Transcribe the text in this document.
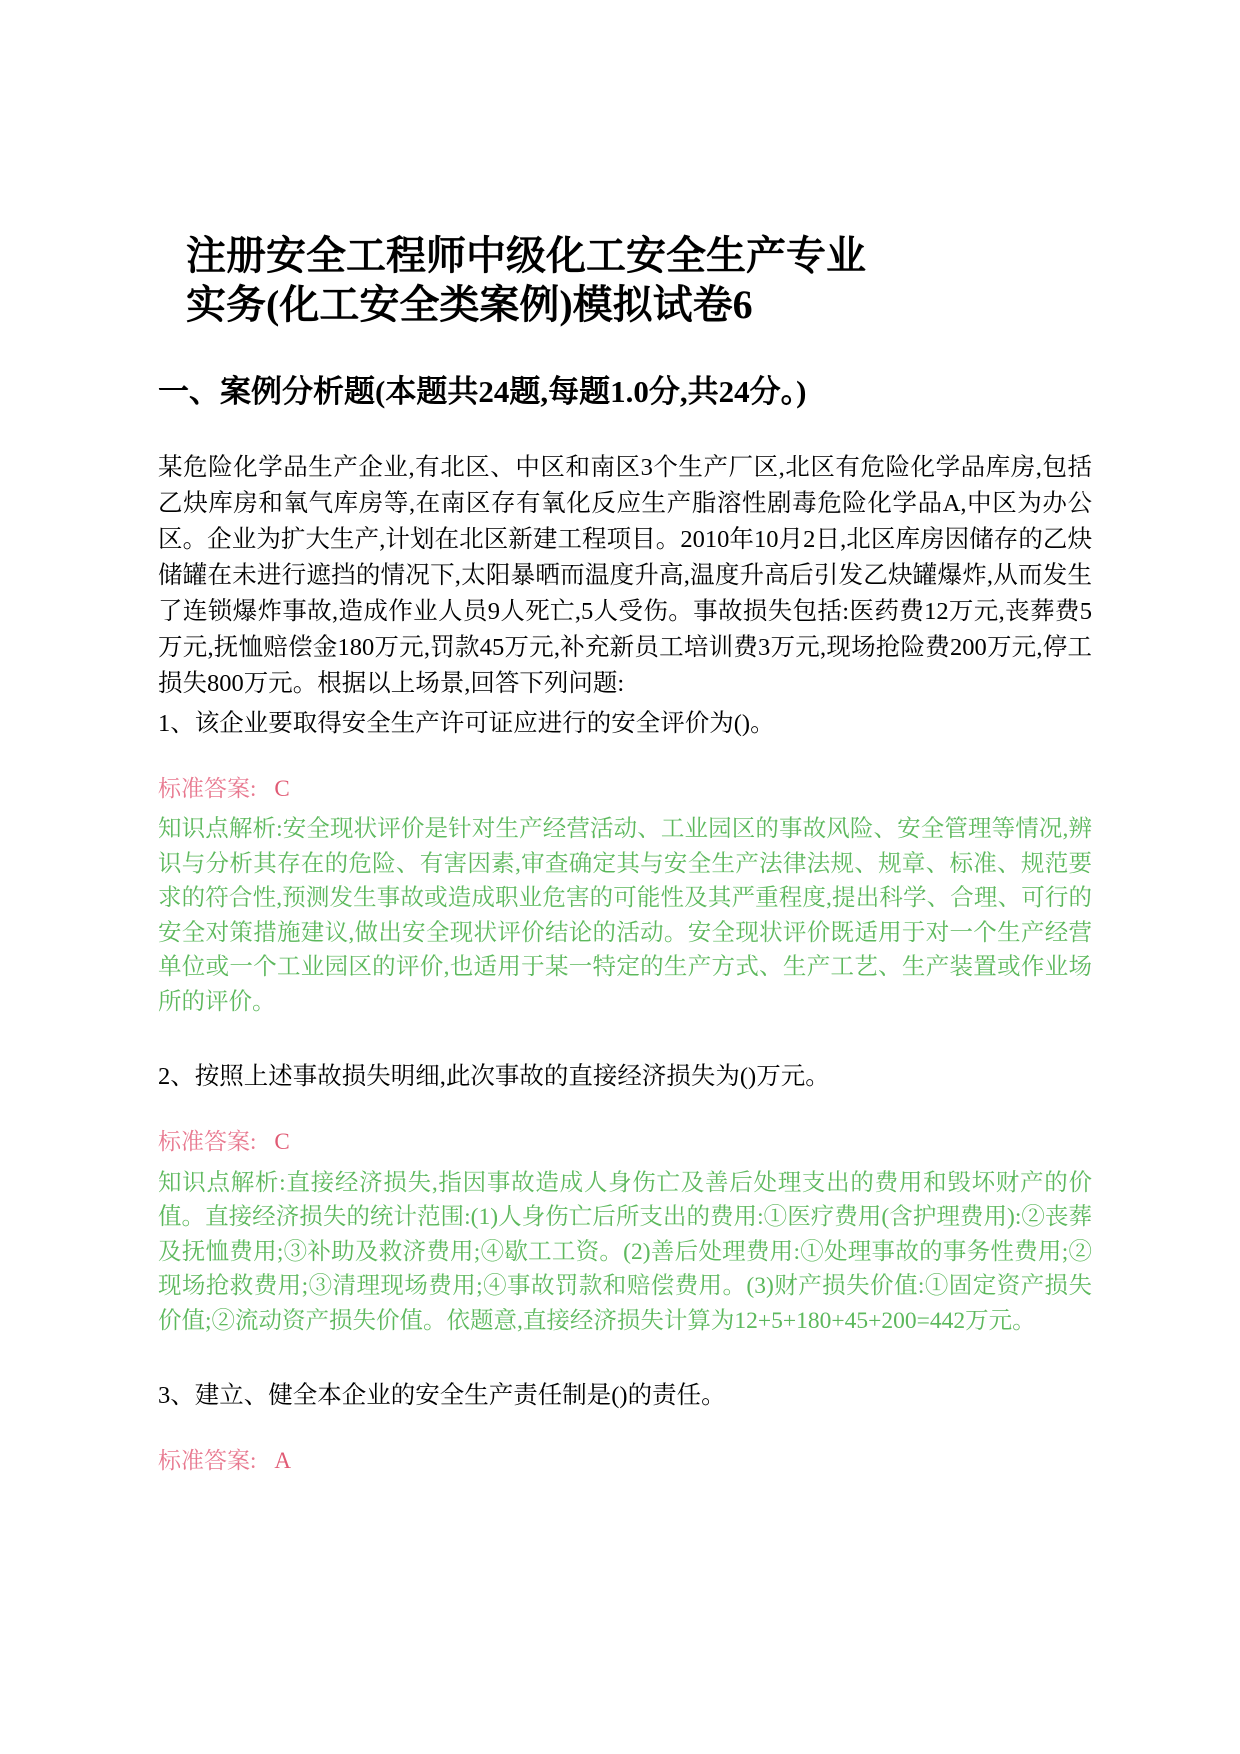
注册安全工程师中级化工安全生产专业
实务(化工安全类案例)模拟试卷6
一、案例分析题(本题共24题,每题1.0分,共24分。)

某危险化学品生产企业,有北区、中区和南区3个生产厂区,北区有危险化学品库房,包括乙炔库房和氧气库房等,在南区存有氧化反应生产脂溶性剧毒危险化学品A,中区为办公区。企业为扩大生产,计划在北区新建工程项目。2010年10月2日,北区库房因储存的乙炔储罐在未进行遮挡的情况下,太阳暴晒而温度升高,温度升高后引发乙炔罐爆炸,从而发生了连锁爆炸事故,造成作业人员9人死亡,5人受伤。事故损失包括:医药费12万元,丧葬费5万元,抚恤赔偿金180万元,罚款45万元,补充新员工培训费3万元,现场抢险费200万元,停工损失800万元。根据以上场景,回答下列问题:

1、该企业要取得安全生产许可证应进行的安全评价为()。

标准答案: C

知识点解析:安全现状评价是针对生产经营活动、工业园区的事故风险、安全管理等情况,辨识与分析其存在的危险、有害因素,审查确定其与安全生产法律法规、规章、标准、规范要求的符合性,预测发生事故或造成职业危害的可能性及其严重程度,提出科学、合理、可行的安全对策措施建议,做出安全现状评价结论的活动。安全现状评价既适用于对一个生产经营单位或一个工业园区的评价,也适用于某一特定的生产方式、生产工艺、生产装置或作业场所的评价。

2、按照上述事故损失明细,此次事故的直接经济损失为()万元。

标准答案: C

知识点解析:直接经济损失,指因事故造成人身伤亡及善后处理支出的费用和毁坏财产的价值。直接经济损失的统计范围:(1)人身伤亡后所支出的费用:①医疗费用(含护理费用):②丧葬及抚恤费用;③补助及救济费用;④歇工工资。(2)善后处理费用:①处理事故的事务性费用;②现场抢救费用;③清理现场费用;④事故罚款和赔偿费用。(3)财产损失价值:①固定资产损失价值;②流动资产损失价值。依题意,直接经济损失计算为12+5+180+45+200=442万元。

3、建立、健全本企业的安全生产责任制是()的责任。

标准答案: A
